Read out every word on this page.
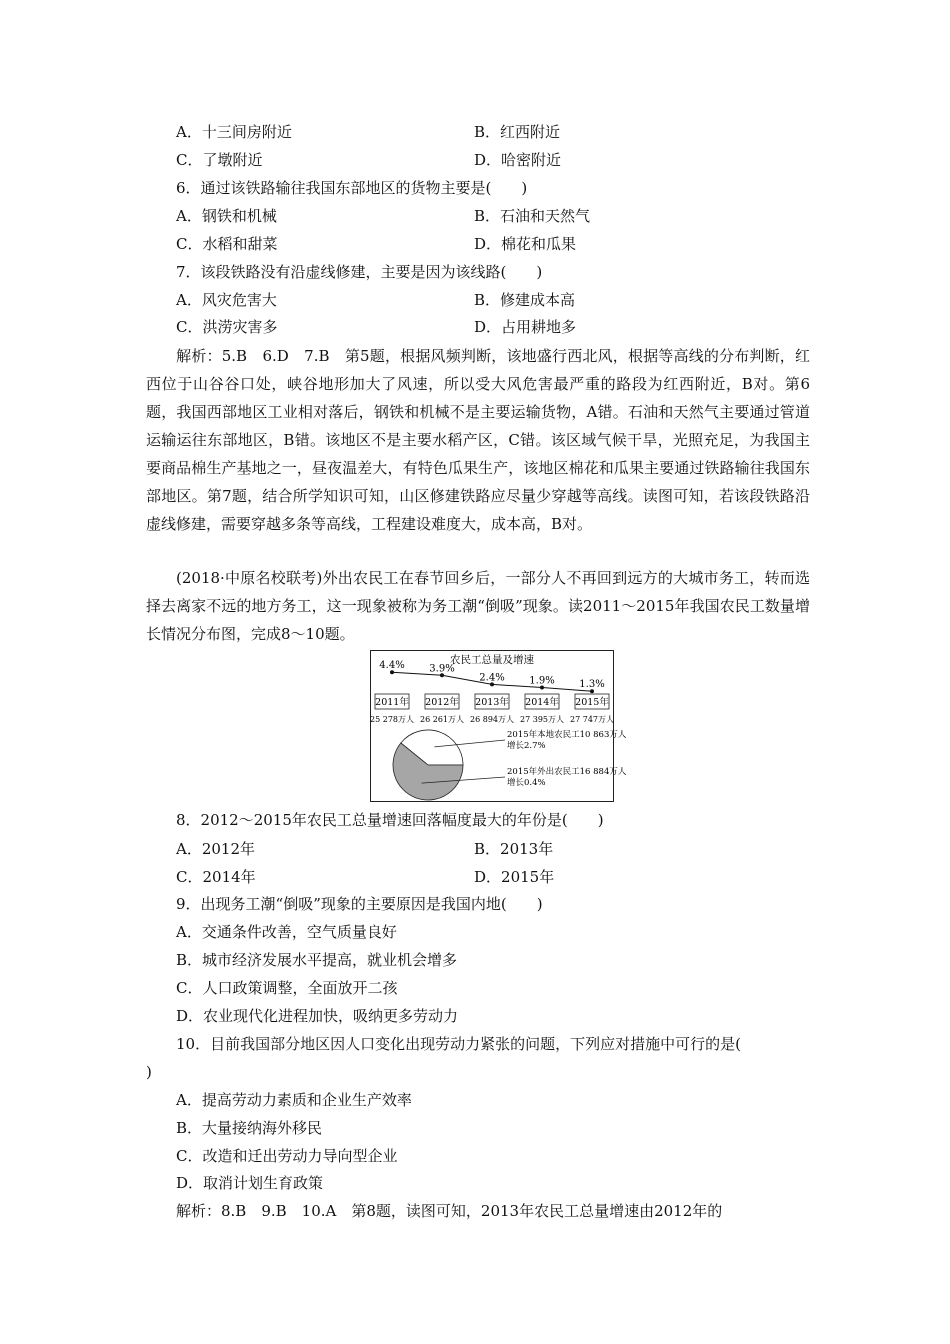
A．十三间房附近	B．红西附近
C．了墩附近	D．哈密附近
6．通过该铁路输往我国东部地区的货物主要是(　　)
A．钢铁和机械	B．石油和天然气
C．水稻和甜菜	D．棉花和瓜果
7．该段铁路没有沿虚线修建，主要是因为该线路(　　)
A．风灾危害大	B．修建成本高
C．洪涝灾害多	D．占用耕地多
解析：5.B　6.D　7.B　第5题，根据风频判断，该地盛行西北风，根据等高线的分布判断，红西位于山谷谷口处，峡谷地形加大了风速，所以受大风危害最严重的路段为红西附近，B对。第6题，我国西部地区工业相对落后，钢铁和机械不是主要运输货物，A错。石油和天然气主要通过管道运输运往东部地区，B错。该地区不是主要水稻产区，C错。该区域气候干旱，光照充足，为我国主要商品棉生产基地之一，昼夜温差大，有特色瓜果生产，该地区棉花和瓜果主要通过铁路输往我国东部地区。第7题，结合所学知识可知，山区修建铁路应尽量少穿越等高线。读图可知，若该段铁路沿虚线修建，需要穿越多条等高线，工程建设难度大，成本高，B对。
(2018·中原名校联考)外出农民工在春节回乡后，一部分人不再回到远方的大城市务工，转而选择去离家不远的地方务工，这一现象被称为务工潮“倒吸”现象。读2011～2015年我国农民工数量增长情况分布图，完成8～10题。
农民工总量及增速
4.4% 3.9%
2.4% 1.9% 1.3%
2011年 2012年 2013年 2014年 2015年
25 278万人 26 261万人 26 894万人 27 395万人 27 747万人
2015年本地农民工10 863万人
增长2.7%
2015年外出农民工16 884万人
增长0.4%
8．2012～2015年农民工总量增速回落幅度最大的年份是(　　)
A．2012年	B．2013年
C．2014年	D．2015年
9．出现务工潮“倒吸”现象的主要原因是我国内地(　　)
A．交通条件改善，空气质量良好
B．城市经济发展水平提高，就业机会增多
C．人口政策调整，全面放开二孩
D．农业现代化进程加快，吸纳更多劳动力
10．目前我国部分地区因人口变化出现劳动力紧张的问题，下列应对措施中可行的是(
)
A．提高劳动力素质和企业生产效率
B．大量接纳海外移民
C．改造和迁出劳动力导向型企业
D．取消计划生育政策
解析：8.B　9.B　10.A　第8题，读图可知，2013年农民工总量增速由2012年的
